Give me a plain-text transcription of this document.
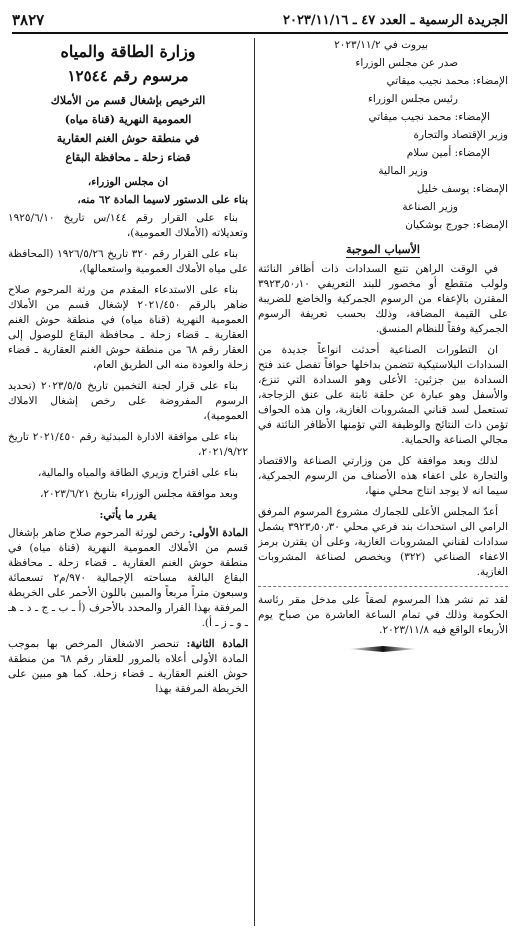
الجريدة الرسمية ـ العدد ٤٧ ـ ٢٠٢٣/١١/١٦
٣٨٢٧

بيروت في ٢٠٢٣/١١/٢

صدر عن مجلس الوزراء

الإمضاء: محمد نجيب ميقاتي

رئيس مجلس الوزراء

الإمضاء: محمد نجيب ميقاتي

وزير الإقتصاد والتجارة

الإمضاء: أمين سلام

وزير المالية

الإمضاء: يوسف خليل

وزير الصناعة

الإمضاء: جورج بوشكيان

الأسباب الموجبة

في الوقت الراهن تتبع السدادات ذات أظافر النائتة ولولب متقطع أو مخصور للبند التعريفي ٣٩٢٣٫٥٠٫١٠ المقترن بالإعفاء من الرسوم الجمركية والخاضع للضريبة على القيمة المضافة، وذلك بحسب تعريفة الرسوم الجمركية وفقاً للنظام المنسق.

ان التطورات الصناعية أحدثت انواعاً جديدة من السدادات البلاستيكية تتضمن بداخلها حوافاً تفصل عند فتح السدادة بين جزئين: الأعلى وهو السدادة التي تنزع، والأسفل وهو عبارة عن حلقة ثابتة على عنق الزجاجة، تستعمل لسد قناني المشروبات الغازية، وان هذه الحواف تؤمن ذات النتائج والوظيفة التي تؤمنها الأظافر النائتة في مجالي الصناعة والحماية.

لذلك وبعد موافقة كل من وزارتي الصناعة والاقتصاد والتجارة على اعفاء هذه الأصناف من الرسوم الجمركية، سيما انه لا يوجد انتاج محلي منها،

أعدّ المجلس الأعلى للجمارك مشروع المرسوم المرفق الرامي الى استحداث بند فرعي محلي ٣٩٢٣٫٥٠٫٣٠ يشمل سدادات لقناني المشروبات الغازية، وعلى أن يقترن برمز الاعفاء الصناعي (٣٢٢) ويخصص لصناعة المشروبات الغازية.

لقد تم نشر هذا المرسوم لصقاً على مدخل مقر رئاسة الحكومة وذلك في تمام الساعة العاشرة من صباح يوم الأربعاء الواقع فيه ٢٠٢٣/١١/٨.

وزارة الطاقة والمياه
مرسوم رقم ١٢٥٤٤
الترخيص بإشغال قسم من الأملاك
العمومية النهرية (قناة مياه)
في منطقة حوش الغنم العقارية
قضاء زحلة ـ محافظة البقاع

ان مجلس الوزراء،

بناء على الدستور لاسيما المادة ٦٢ منه،

بناء على القرار رقم ١٤٤/س تاريخ ١٩٢٥/٦/١٠ وتعديلاته (الأملاك العمومية)،

بناء على القرار رقم ٣٢٠ تاريخ ١٩٢٦/٥/٢٦ (المحافظة على مياه الأملاك العمومية واستعمالها)،

بناء على الاستدعاء المقدم من ورثة المرحوم صلاح ضاهر بالرقم ٢٠٢١/٤٥٠ لإشغال قسم من الأملاك العمومية النهرية (قناة مياه) في منطقة حوش الغنم العقارية ـ قضاء زحلة ـ محافظة البقاع للوصول إلى العقار رقم ٦٨ من منطقة حوش الغنم العقارية ـ قضاء زحلة والعودة منه الى الطريق العام،

بناء على قرار لجنة التخمين تاريخ ٢٠٢٣/٥/٥ (تحديد الرسوم المفروضة على رخص إشغال الاملاك العمومية)،

بناء على موافقة الادارة المبدئية رقم ٢٠٢١/٤٥٠ تاريخ ٢٠٢١/٩/٢٢،

بناء على اقتراح وزيري الطاقة والمياه والمالية،

وبعد موافقة مجلس الوزراء بتاريخ ٢٠٢٣/٦/٢١،

يقرر ما يأتي:

المادة الأولى: رخص لورثة المرحوم صلاح ضاهر بإشغال قسم من الأملاك العمومية النهرية (قناة مياه) في منطقة حوش الغنم العقارية ـ قضاء زحلة ـ محافظة البقاع البالغة مساحته الإجمالية ٩٧٠/م٢ تسعمائة وسبعون متراً مربعاً والمبين باللون الأحمر على الخريطة المرفقة بهذا القرار والمحدد بالأحرف (أ ـ ب ـ ج ـ د ـ هـ ـ و ـ ز ـ أ).

المادة الثانية: تنحصر الاشغال المرخص بها بموجب المادة الأولى أعلاه بالمرور للعقار رقم ٦٨ من منطقة حوش الغنم العقارية ـ قضاء زحلة. كما هو مبين على الخريطة المرفقة بهذا
